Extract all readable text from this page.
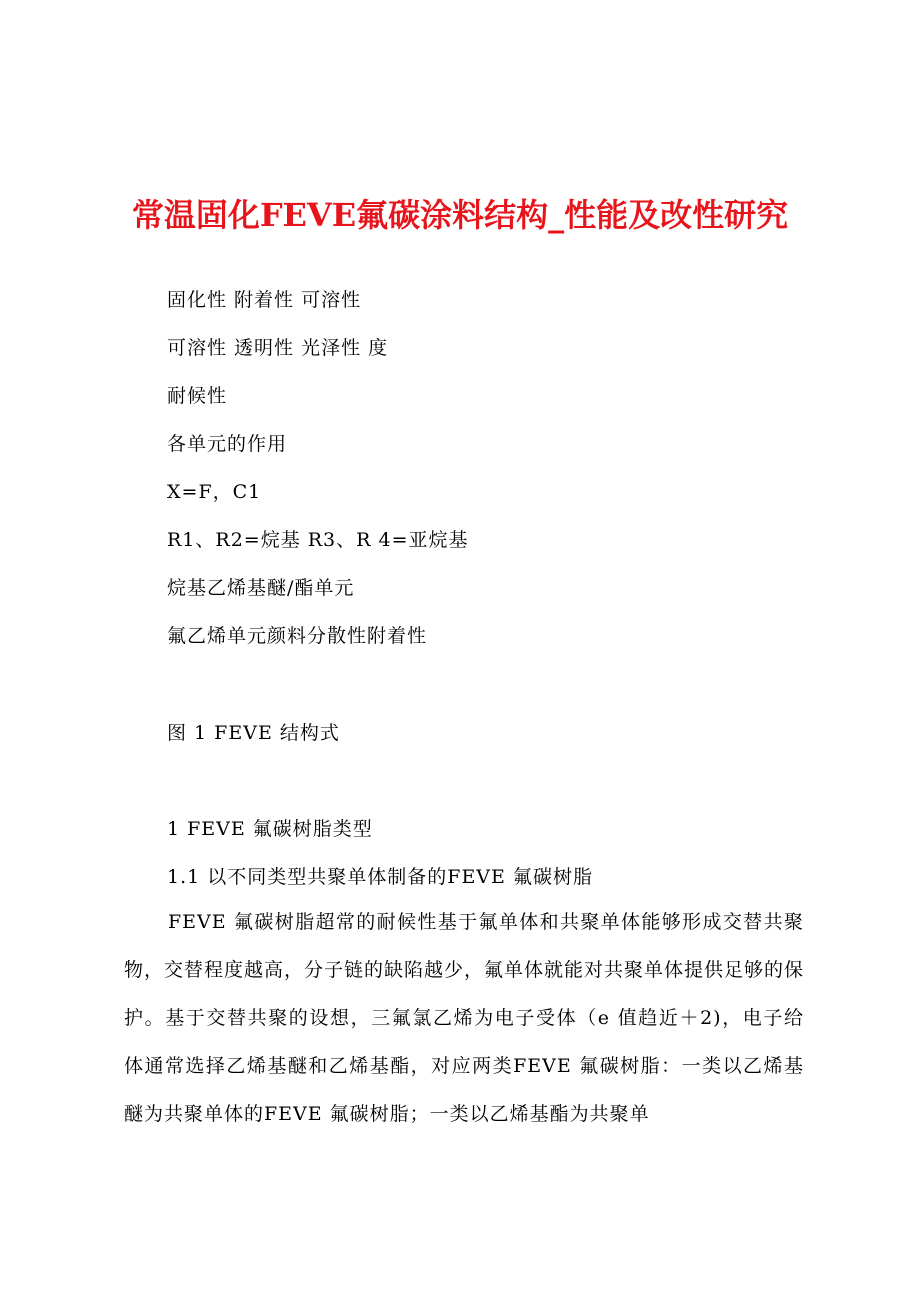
常温固化FEVE氟碳涂料结构_性能及改性研究
固化性 附着性 可溶性
可溶性 透明性 光泽性 度
耐候性
各单元的作用
X=F，C1
R1、R2=烷基 R3、R 4=亚烷基
烷基乙烯基醚/酯单元
氟乙烯单元颜料分散性附着性
图 1 FEVE 结构式
1 FEVE 氟碳树脂类型
1.1 以不同类型共聚单体制备的FEVE 氟碳树脂
FEVE 氟碳树脂超常的耐候性基于氟单体和共聚单体能够形成交替共聚物，交替程度越高，分子链的缺陷越少，氟单体就能对共聚单体提供足够的保护。基于交替共聚的设想，三氟氯乙烯为电子受体（e 值趋近＋2)，电子给体通常选择乙烯基醚和乙烯基酯，对应两类FEVE 氟碳树脂：一类以乙烯基醚为共聚单体的FEVE 氟碳树脂；一类以乙烯基酯为共聚单
